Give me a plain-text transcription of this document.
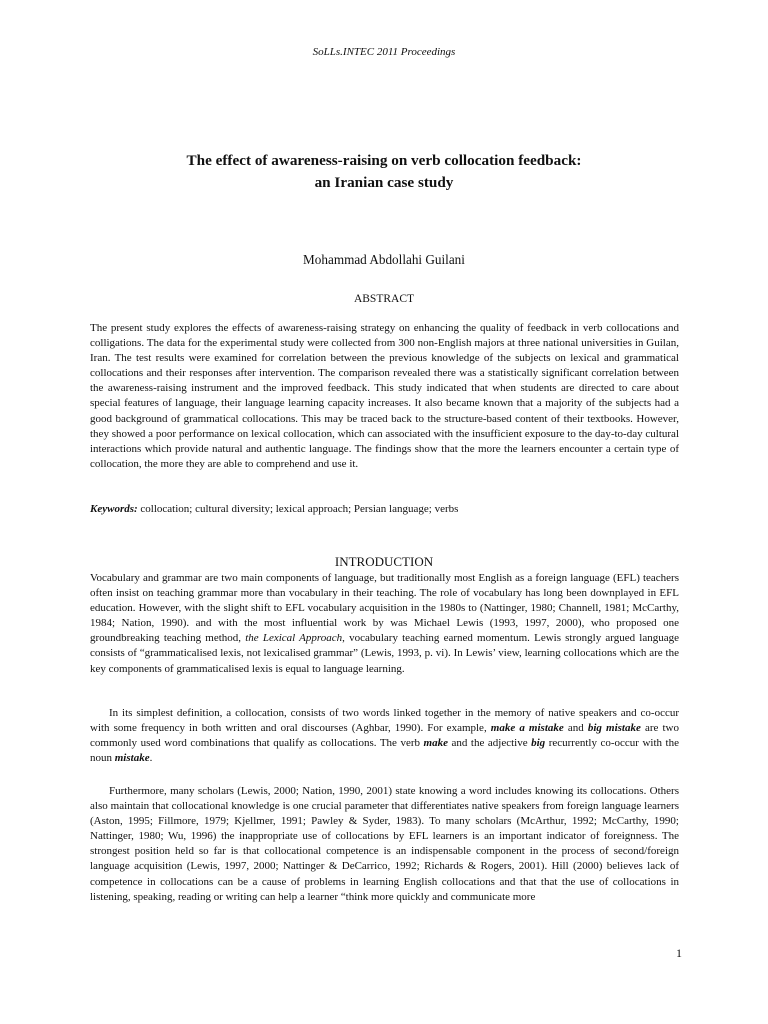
SoLLs.INTEC 2011 Proceedings
The effect of awareness-raising on verb collocation feedback:
an Iranian case study
Mohammad Abdollahi Guilani
ABSTRACT

The present study explores the effects of awareness-raising strategy on enhancing the quality of feedback in verb collocations and colligations. The data for the experimental study were collected from 300 non-English majors at three national universities in Guilan, Iran. The test results were examined for correlation between the previous knowledge of the subjects on lexical and grammatical collocations and their responses after intervention. The comparison revealed there was a statistically significant correlation between the awareness-raising instrument and the improved feedback. This study indicated that when students are directed to care about special features of language, their language learning capacity increases. It also became known that a majority of the subjects had a good background of grammatical collocations. This may be traced back to the structure-based content of their textbooks. However, they showed a poor performance on lexical collocation, which can associated with the insufficient exposure to the day-to-day cultural interactions which provide natural and authentic language. The findings show that the more the learners encounter a certain type of collocation, the more they are able to comprehend and use it.

Keywords: collocation; cultural diversity; lexical approach; Persian language; verbs

INTRODUCTION

Vocabulary and grammar are two main components of language, but traditionally most English as a foreign language (EFL) teachers often insist on teaching grammar more than vocabulary in their teaching. The role of vocabulary has long been downplayed in EFL education. However, with the slight shift to EFL vocabulary acquisition in the 1980s to (Nattinger, 1980; Channell, 1981; McCarthy, 1984; Nation, 1990). and with the most influential work by was Michael Lewis (1993, 1997, 2000), who proposed one groundbreaking teaching method, the Lexical Approach, vocabulary teaching earned momentum. Lewis strongly argued language consists of “grammaticalised lexis, not lexicalised grammar” (Lewis, 1993, p. vi). In Lewis’ view, learning collocations which are the key components of grammaticalised lexis is equal to language learning.

In its simplest definition, a collocation, consists of two words linked together in the memory of native speakers and co-occur with some frequency in both written and oral discourses (Aghbar, 1990). For example, make a mistake and big mistake are two commonly used word combinations that qualify as collocations. The verb make and the adjective big recurrently co-occur with the noun mistake.

Furthermore, many scholars (Lewis, 2000; Nation, 1990, 2001) state knowing a word includes knowing its collocations. Others also maintain that collocational knowledge is one crucial parameter that differentiates native speakers from foreign language learners (Aston, 1995; Fillmore, 1979; Kjellmer, 1991; Pawley & Syder, 1983). To many scholars (McArthur, 1992; McCarthy, 1990; Nattinger, 1980; Wu, 1996) the inappropriate use of collocations by EFL learners is an important indicator of foreignness. The strongest position held so far is that collocational competence is an indispensable component in the process of second/foreign language acquisition (Lewis, 1997, 2000; Nattinger & DeCarrico, 1992; Richards & Rogers, 2001). Hill (2000) believes lack of competence in collocations can be a cause of problems in learning English collocations and that that the use of collocations in listening, speaking, reading or writing can help a learner “think more quickly and communicate more

1
